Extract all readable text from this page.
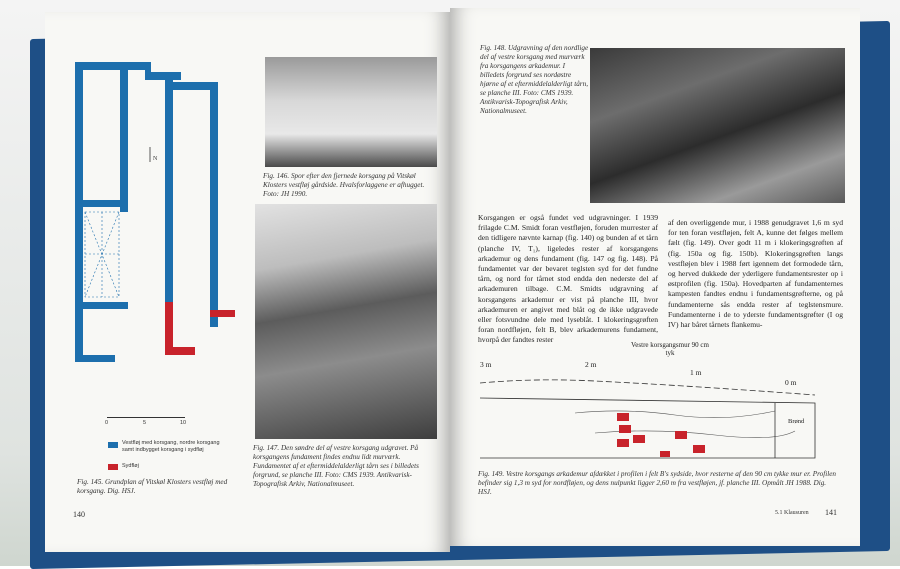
N
0	5	10
Vestfløj med korsgang, nordre korsgang samt indbygget korsgang i sydfløj
Sydfløj
Fig. 145. Grundplan af Vitskøl Klosters vestfløj med korsgang. Dig. HSJ.
Fig. 146. Spor efter den fjernede korsgang på Vitskøl Klosters vestfløj gårdside. Hvalsforlaggene er afhugget. Foto: JH 1990.
Fig. 147. Den søndre del af vestre korsgang udgravet. På korsgangens fundament findes endnu lidt murværk. Fundamentet af et eftermiddelalderligt tårn ses i billedets forgrund, se planche III. Foto: CMS 1939. Antikvarisk-Topografisk Arkiv, Nationalmuseet.
140
Fig. 148. Udgravning af den nordlige del af vestre korsgang med murværk fra korsgangens arkademur. I billedets forgrund ses nordøstre hjørne af et eftermiddelalderligt tårn, se planche III. Foto: CMS 1939. Antikvarisk-Topografisk Arkiv, Nationalmuseet.
Korsgangen er også fundet ved udgravninger. I 1939 frilagde C.M. Smidt foran vestfløjen, foruden murrester af den tidligere nævnte karnap (fig. 140) og bunden af et tårn (planche IV, T₁), ligeledes rester af korsgangens arkademur og dens fundament (fig. 147 og fig. 148). På fundamentet var der bevaret teglsten syd for det fundne tårn, og nord for tårnet stod endda den nederste del af arkademuren tilbage. C.M. Smidts udgravning af korsgangens arkademur er vist på planche III, hvor arkademuren er angivet med blåt og de ikke udgravede eller fotsvundne dele med lyseblåt. I klokeringsgrøften foran nordfløjen, felt B, blev arkademurens fundament, hvorpå der fandtes rester
af den overliggende mur, i 1988 genudgravet 1,6 m syd for ten foran vestfløjen, felt A, kunne det følges mellem fælt (fig. 149). Over godt 11 m i klokeringsgrøften af (fig. 150a og fig. 150b). Klokeringsgrøften langs vestfløjen blev i 1988 ført igennem det formodede tårn, og herved dukkede der yderligere fundamentsrester op i østprofilen (fig. 150a). Hovedparten af fundamenternes kampesten fandtes endnu i fundamentsgrøfterne, og på fundamenterne sås endda rester af teglstensmure. Fundamenterne i de to yderste fundamentsgrøfter (I og IV) har båret tårnets flankemu-
Vestre korsgangsmur 90 cm tyk
3 m	2 m
1 m
0 m
Brønd
Fig. 149. Vestre korsgangs arkademur afdækket i profilen i felt B's sydside, hvor resterne af den 90 cm tykke mur er. Profilen befinder sig 1,3 m syd for nordfløjen, og dens nulpunkt ligger 2,60 m fra vestfløjen, jf. planche III. Opmålt JH 1988. Dig. HSJ.
5.1 Klausuren 141
